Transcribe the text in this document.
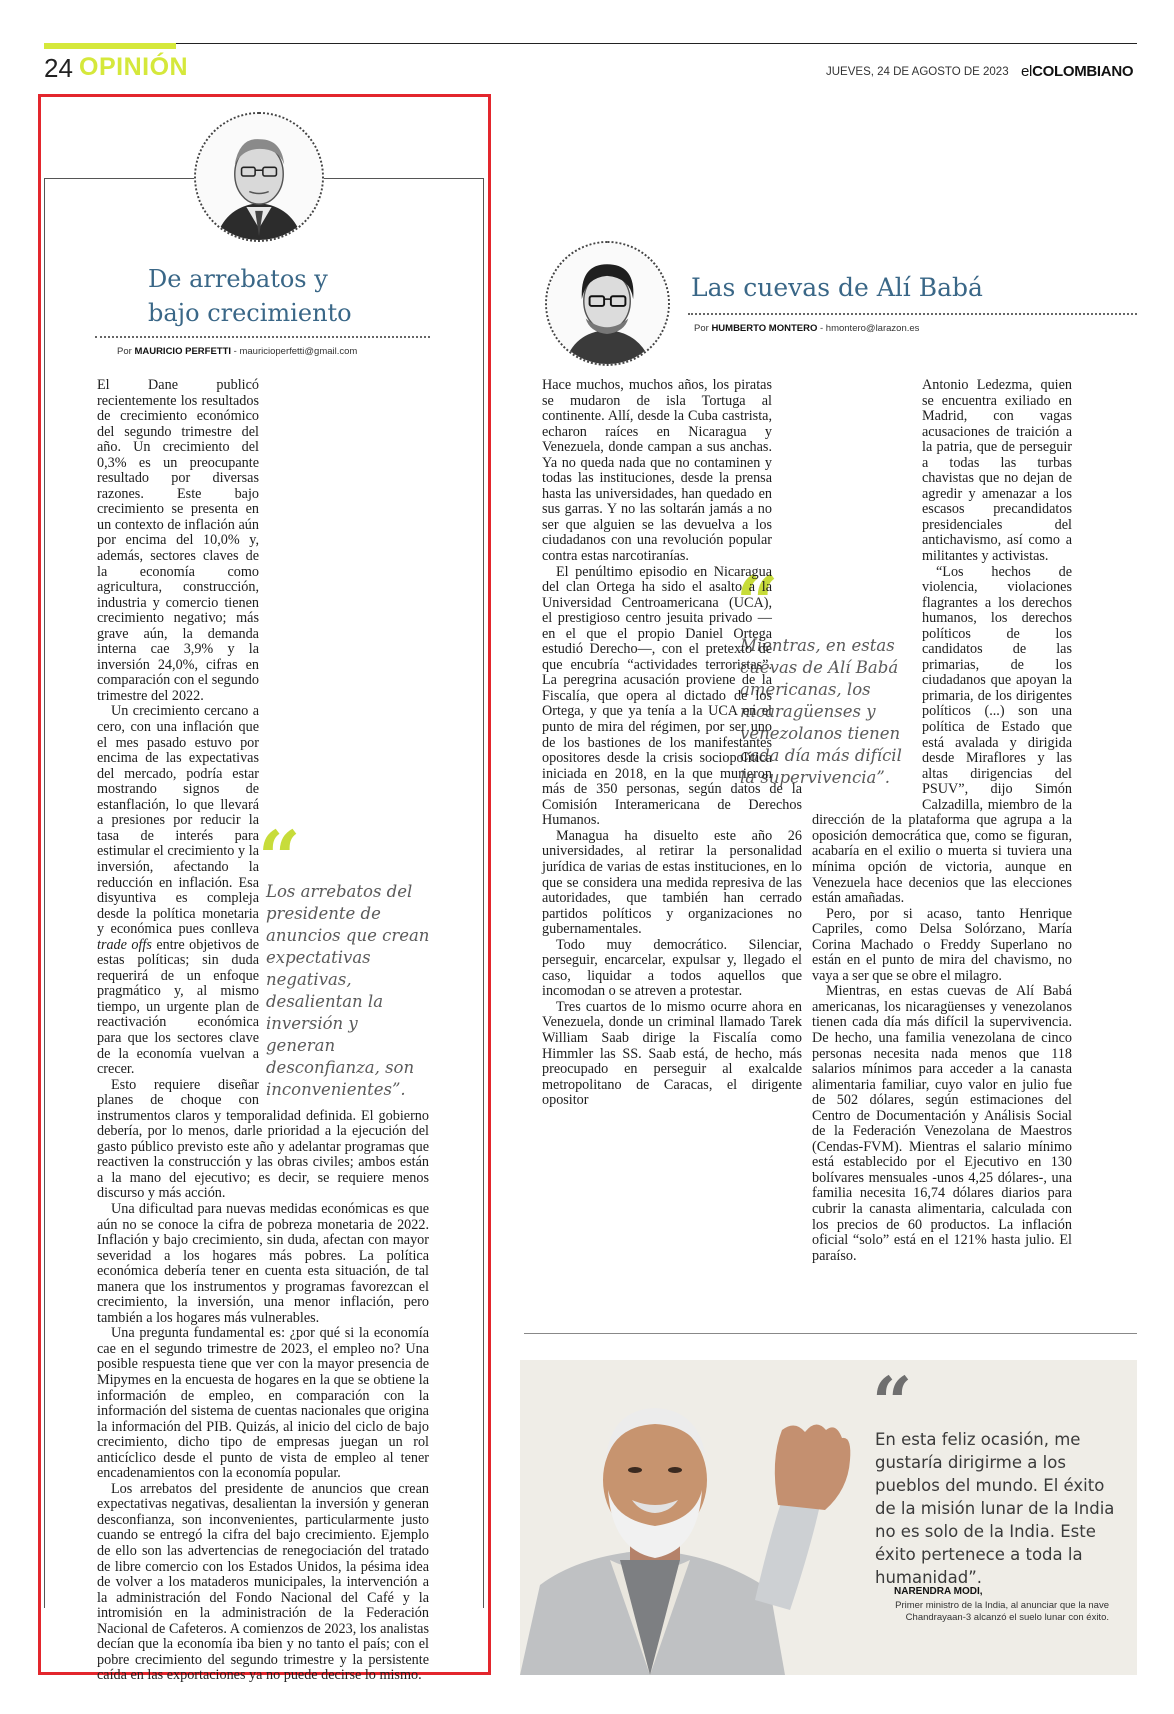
24 OPINIÓN	JUEVES, 24 DE AGOSTO DE 2023 elCOLOMBIANO
De arrebatos y
bajo crecimiento
Por MAURICIO PERFETTI - mauricioperfetti@gmail.com
“
Los arrebatos del presidente de anuncios que crean expectativas negativas, desalientan la inversión y generan desconfianza, son inconvenientes”.

El Dane publicó recientemente los resultados de crecimiento económico del segundo trimestre del año. Un crecimiento del 0,3% es un preocupante resultado por diversas razones. Este bajo crecimiento se presenta en un contexto de inflación aún por encima del 10,0% y, además, sectores claves de la economía como agricultura, construcción, industria y comercio tienen crecimiento negativo; más grave aún, la demanda interna cae 3,9% y la inversión 24,0%, cifras en comparación con el segundo trimestre del 2022.

Un crecimiento cercano a cero, con una inflación que el mes pasado estuvo por encima de las expectativas del mercado, podría estar mostrando signos de estanflación, lo que llevará a presiones por reducir la tasa de interés para estimular el crecimiento y la inversión, afectando la reducción en inflación. Esa disyuntiva es compleja desde la política monetaria y económica pues conlleva trade offs entre objetivos de estas políticas; sin duda requerirá de un enfoque pragmático y, al mismo tiempo, un urgente plan de reactivación económica para que los sectores clave de la economía vuelvan a crecer.

Esto requiere diseñar planes de choque con instrumentos claros y temporalidad definida. El gobierno debería, por lo menos, darle prioridad a la ejecución del gasto público previsto este año y adelantar programas que reactiven la construcción y las obras civiles; ambos están a la mano del ejecutivo; es decir, se requiere menos discurso y más acción.

Una dificultad para nuevas medidas económicas es que aún no se conoce la cifra de pobreza monetaria de 2022. Inflación y bajo crecimiento, sin duda, afectan con mayor severidad a los hogares más pobres. La política económica debería tener en cuenta esta situación, de tal manera que los instrumentos y programas favorezcan el crecimiento, la inversión, una menor inflación, pero también a los hogares más vulnerables.

Una pregunta fundamental es: ¿por qué si la economía cae en el segundo trimestre de 2023, el empleo no? Una posible respuesta tiene que ver con la mayor presencia de Mipymes en la encuesta de hogares en la que se obtiene la información de empleo, en comparación con la información del sistema de cuentas nacionales que origina la información del PIB. Quizás, al inicio del ciclo de bajo crecimiento, dicho tipo de empresas juegan un rol anticíclico desde el punto de vista de empleo al tener encadenamientos con la economía popular.

Los arrebatos del presidente de anuncios que crean expectativas negativas, desalientan la inversión y generan desconfianza, son inconvenientes, particularmente justo cuando se entregó la cifra del bajo crecimiento. Ejemplo de ello son las advertencias de renegociación del tratado de libre comercio con los Estados Unidos, la pésima idea de volver a los mataderos municipales, la intervención a la administración del Fondo Nacional del Café y la intromisión en la administración de la Federación Nacional de Cafeteros. A comienzos de 2023, los analistas decían que la economía iba bien y no tanto el país; con el pobre crecimiento del segundo trimestre y la persistente caída en las exportaciones ya no puede decirse lo mismo.

Las cuevas de Alí Babá
Por HUMBERTO MONTERO - hmontero@larazon.es
“
Mientras, en estas cuevas de Alí Babá americanas, los nicaragüenses y venezolanos tienen cada día más difícil la supervivencia”.

Hace muchos, muchos años, los piratas se mudaron de isla Tortuga al continente. Allí, desde la Cuba castrista, echaron raíces en Nicaragua y Venezuela, donde campan a sus anchas. Ya no queda nada que no contaminen y todas las instituciones, desde la prensa hasta las universidades, han quedado en sus garras. Y no las soltarán jamás a no ser que alguien se las devuelva a los ciudadanos con una revolución popular contra estas narcotiranías.

El penúltimo episodio en Nicaragua del clan Ortega ha sido el asalto a la Universidad Centroamericana (UCA), el prestigioso centro jesuita privado —en el que el propio Daniel Ortega estudió Derecho—, con el pretexto de que encubría “actividades terroristas”. La peregrina acusación proviene de la Fiscalía, que opera al dictado de los Ortega, y que ya tenía a la UCA en el punto de mira del régimen, por ser uno de los bastiones de los manifestantes opositores desde la crisis sociopolítica iniciada en 2018, en la que murieron más de 350 personas, según datos de la Comisión Interamericana de Derechos Humanos.

Managua ha disuelto este año 26 universidades, al retirar la personalidad jurídica de varias de estas instituciones, en lo que se considera una medida represiva de las autoridades, que también han cerrado partidos políticos y organizaciones no gubernamentales.

Todo muy democrático. Silenciar, perseguir, encarcelar, expulsar y, llegado el caso, liquidar a todos aquellos que incomodan o se atreven a protestar.

Tres cuartos de lo mismo ocurre ahora en Venezuela, donde un criminal llamado Tarek William Saab dirige la Fiscalía como Himmler las SS. Saab está, de hecho, más preocupado en perseguir al exalcalde metropolitano de Caracas, el dirigente opositor

Antonio Ledezma, quien se encuentra exiliado en Madrid, con vagas acusaciones de traición a la patria, que de perseguir a todas las turbas chavistas que no dejan de agredir y amenazar a los escasos precandidatos presidenciales del antichavismo, así como a militantes y activistas.

“Los hechos de violencia, violaciones flagrantes a los derechos humanos, los derechos políticos de los candidatos de las primarias, de los ciudadanos que apoyan la primaria, de los dirigentes políticos (...) son una política de Estado que está avalada y dirigida desde Miraflores y las altas dirigencias del PSUV”, dijo Simón Calzadilla, miembro de la dirección de la plataforma que agrupa a la oposición democrática que, como se figuran, acabaría en el exilio o muerta si tuviera una mínima opción de victoria, aunque en Venezuela hace decenios que las elecciones están amañadas.

Pero, por si acaso, tanto Henrique Capriles, como Delsa Solórzano, María Corina Machado o Freddy Superlano no están en el punto de mira del chavismo, no vaya a ser que se obre el milagro.

Mientras, en estas cuevas de Alí Babá americanas, los nicaragüenses y venezolanos tienen cada día más difícil la supervivencia. De hecho, una familia venezolana de cinco personas necesita nada menos que 118 salarios mínimos para acceder a la canasta alimentaria familiar, cuyo valor en julio fue de 502 dólares, según estimaciones del Centro de Documentación y Análisis Social de la Federación Venezolana de Maestros (Cendas-FVM). Mientras el salario mínimo está establecido por el Ejecutivo en 130 bolívares mensuales -unos 4,25 dólares-, una familia necesita 16,74 dólares diarios para cubrir la canasta alimentaria, calculada con los precios de 60 productos. La inflación oficial “solo” está en el 121% hasta julio. El paraíso.

“
En esta feliz ocasión, me gustaría dirigirme a los pueblos del mundo. El éxito de la misión lunar de la India no es solo de la India. Este éxito pertenece a toda la humanidad”.
NARENDRA MODI,
Primer ministro de la India, al anunciar que la nave Chandrayaan-3 alcanzó el suelo lunar con éxito.
